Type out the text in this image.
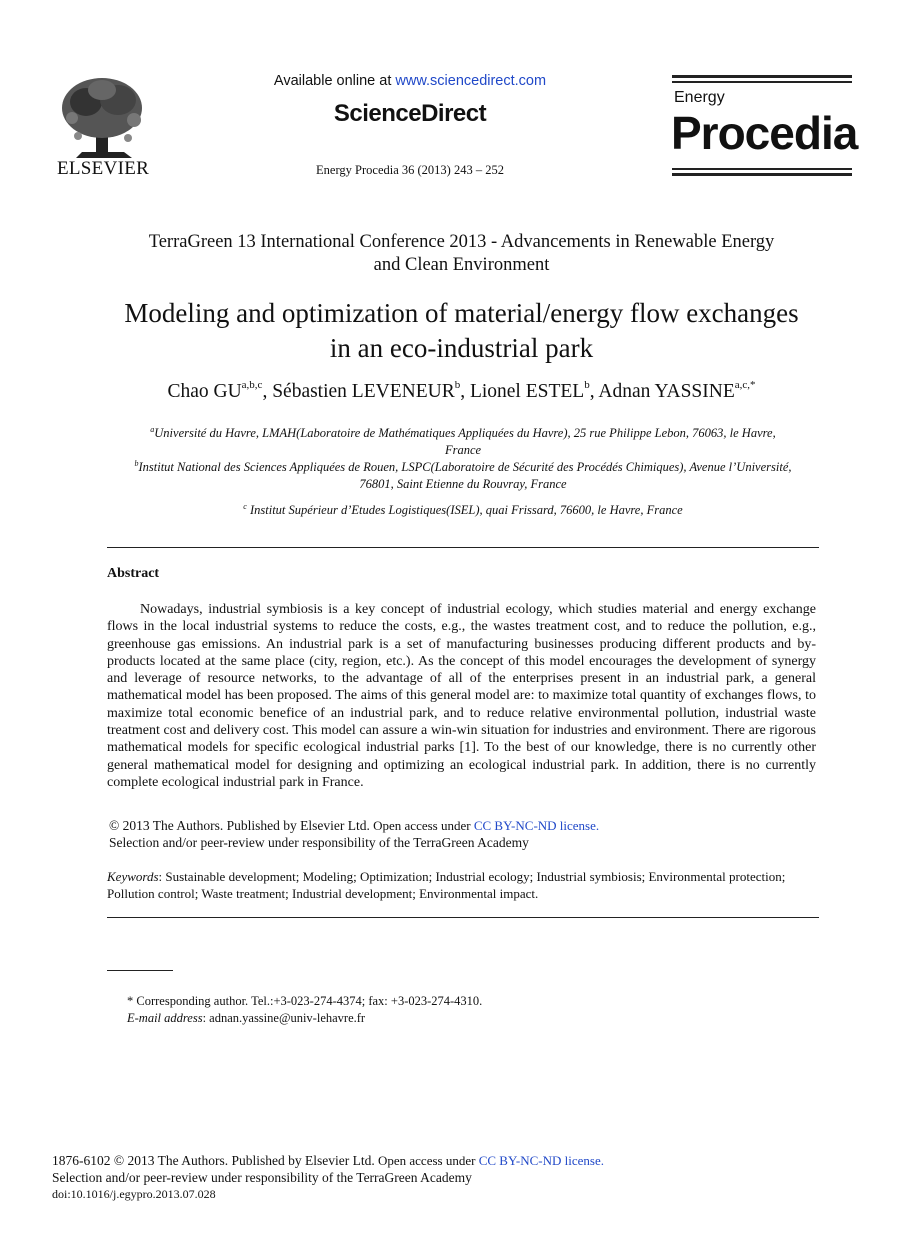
ELSEVIER
Available online at www.sciencedirect.com
ScienceDirect
Energy Procedia 36 (2013) 243 – 252
Energy
Procedia
TerraGreen 13 International Conference 2013 - Advancements in Renewable Energy
and Clean Environment
Modeling and optimization of material/energy flow exchanges
in an eco-industrial park
Chao GU$^{a,b,c}$, Sébastien LEVENEUR$^b$, Lionel ESTEL$^b$, Adnan $YASSINE^{a,c,*}$
$^a$Université du Havre, LMAH(Laboratoire de Mathématiques Appliquées du Havre), 25 rue Philippe Lebon, 76063, le Havre,
France
$^b$Institut National des Sciences Appliquées de Rouen, LSPC(Laboratoire de Sécurité des Procédés Chimiques), Avenue l’Université,
76801, Saint Etienne du Rouvray, France
$^c$ Institut Supérieur d’Etudes Logistiques(ISEL), quai Frissard, 76600, le Havre, France
Abstract
Nowadays, industrial symbiosis is a key concept of industrial ecology, which studies material and energy exchange flows in the local industrial systems to reduce the costs, e.g., the wastes treatment cost, and to reduce the pollution, e.g., greenhouse gas emissions. An industrial park is a set of manufacturing businesses producing different products and by-products located at the same place (city, region, etc.). As the concept of this model encourages the development of synergy and leverage of resource networks, to the advantage of all of the enterprises present in an industrial park, a general mathematical model has been proposed. The aims of this general model are: to maximize total quantity of exchanges flows, to maximize total economic benefice of an industrial park, and to reduce relative environmental pollution, industrial waste treatment cost and delivery cost. This model can assure a win-win situation for industries and environment. There are rigorous mathematical models for specific ecological industrial parks [1]. To the best of our knowledge, there is no currently other general mathematical model for designing and optimizing an ecological industrial park. In addition, there is no currently complete ecological industrial park in France.
© 2013 The Authors. Published by Elsevier Ltd. Open access under CC BY-NC-ND license.
Selection and/or peer-review under responsibility of the TerraGreen Academy
Keywords: Sustainable development; Modeling; Optimization; Industrial ecology; Industrial symbiosis; Environmental protection; Pollution control; Waste treatment; Industrial development; Environmental impact.
* Corresponding author. Tel.:+3-023-274-4374; fax: +3-023-274-4310.
E-mail address: adnan.yassine@univ-lehavre.fr
1876-6102 © 2013 The Authors. Published by Elsevier Ltd. Open access under CC BY-NC-ND license.
Selection and/or peer-review under responsibility of the TerraGreen Academy
doi:10.1016/j.egypro.2013.07.028
